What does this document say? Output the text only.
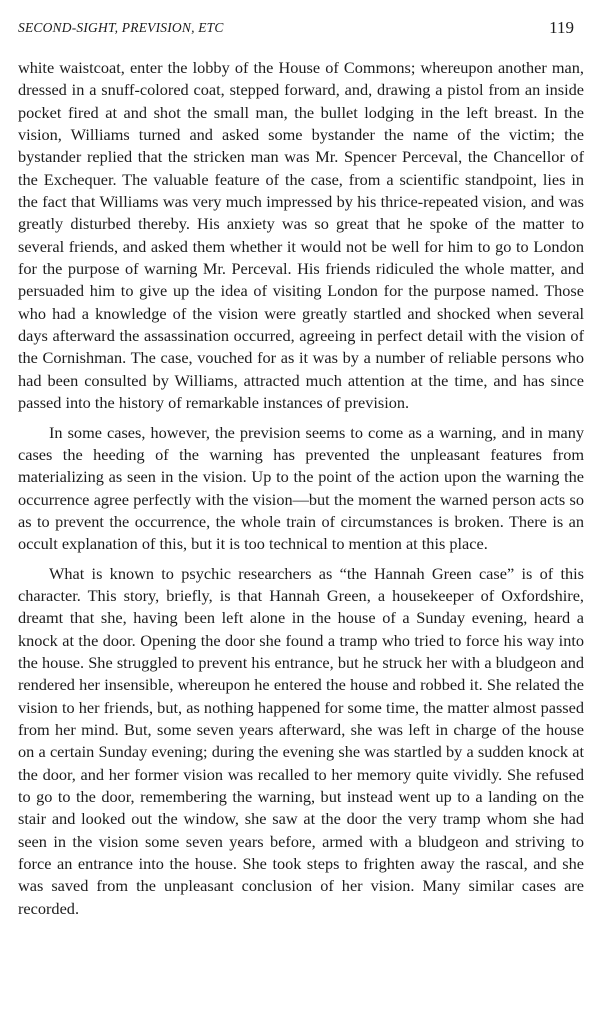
SECOND-SIGHT, PREVISION, ETC	119

white waistcoat, enter the lobby of the House of Commons; whereupon another man, dressed in a snuff-colored coat, stepped forward, and, drawing a pistol from an inside pocket fired at and shot the small man, the bullet lodging in the left breast. In the vision, Williams turned and asked some bystander the name of the victim; the bystander replied that the stricken man was Mr. Spencer Perceval, the Chancellor of the Exchequer. The valuable feature of the case, from a scientific standpoint, lies in the fact that Williams was very much impressed by his thrice-repeated vision, and was greatly disturbed thereby. His anxiety was so great that he spoke of the matter to several friends, and asked them whether it would not be well for him to go to London for the purpose of warning Mr. Perceval. His friends ridiculed the whole matter, and persuaded him to give up the idea of visiting London for the purpose named. Those who had a knowledge of the vision were greatly startled and shocked when several days afterward the assassination occurred, agreeing in perfect detail with the vision of the Cornishman. The case, vouched for as it was by a number of reliable persons who had been consulted by Williams, attracted much attention at the time, and has since passed into the history of remarkable instances of prevision.

In some cases, however, the prevision seems to come as a warning, and in many cases the heeding of the warning has prevented the unpleasant features from materializing as seen in the vision. Up to the point of the action upon the warning the occurrence agree perfectly with the vision—but the moment the warned person acts so as to prevent the occurrence, the whole train of circumstances is broken. There is an occult explanation of this, but it is too technical to mention at this place.

What is known to psychic researchers as “the Hannah Green case” is of this character. This story, briefly, is that Hannah Green, a housekeeper of Oxfordshire, dreamt that she, having been left alone in the house of a Sunday evening, heard a knock at the door. Opening the door she found a tramp who tried to force his way into the house. She struggled to prevent his entrance, but he struck her with a bludgeon and rendered her insensible, whereupon he entered the house and robbed it. She related the vision to her friends, but, as nothing happened for some time, the matter almost passed from her mind. But, some seven years afterward, she was left in charge of the house on a certain Sunday evening; during the evening she was startled by a sudden knock at the door, and her former vision was recalled to her memory quite vividly. She refused to go to the door, remembering the warning, but instead went up to a landing on the stair and looked out the window, she saw at the door the very tramp whom she had seen in the vision some seven years before, armed with a bludgeon and striving to force an entrance into the house. She took steps to frighten away the rascal, and she was saved from the unpleasant conclusion of her vision. Many similar cases are recorded.
